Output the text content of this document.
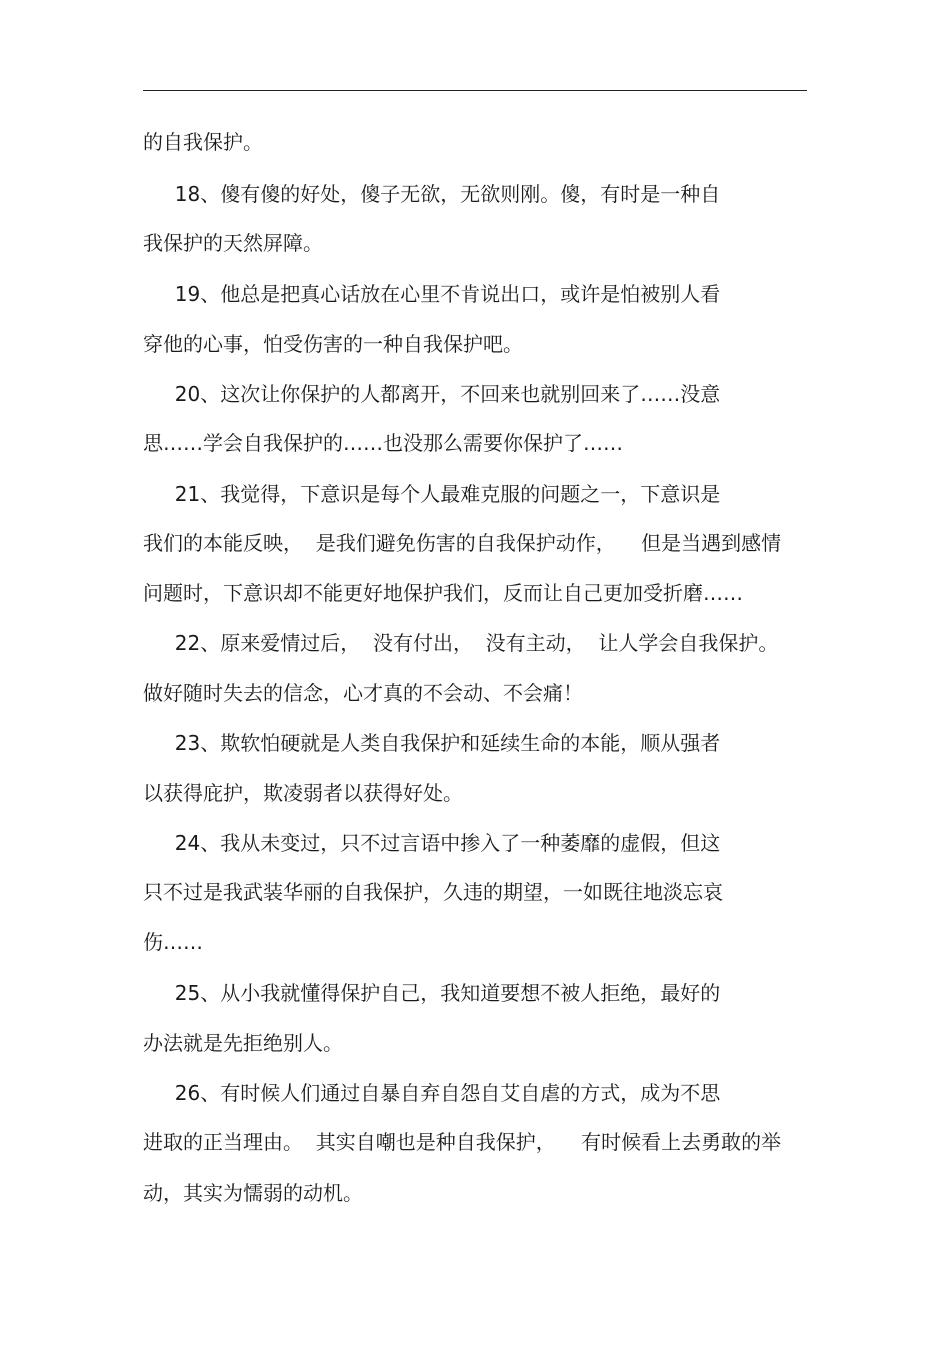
的自我保护。
18、傻有傻的好处，傻子无欲，无欲则刚。傻，有时是一种自
我保护的天然屏障。
19、他总是把真心话放在心里不肯说出口，或许是怕被别人看
穿他的心事，怕受伤害的一种自我保护吧。
20、这次让你保护的人都离开，不回来也就别回来了……没意
思……学会自我保护的……也没那么需要你保护了……
21、我觉得，下意识是每个人最难克服的问题之一，下意识是
我们的本能反映，  是我们避免伤害的自我保护动作，    但是当遇到感情
问题时，下意识却不能更好地保护我们，反而让自己更加受折磨……
22、原来爱情过后，  没有付出，  没有主动，  让人学会自我保护。
做好随时失去的信念，心才真的不会动、不会痛！
23、欺软怕硬就是人类自我保护和延续生命的本能，顺从强者
以获得庇护，欺凌弱者以获得好处。
24、我从未变过，只不过言语中掺入了一种萎靡的虚假，但这
只不过是我武装华丽的自我保护，久违的期望，一如既往地淡忘哀
伤……
25、从小我就懂得保护自己，我知道要想不被人拒绝，最好的
办法就是先拒绝别人。
26、有时候人们通过自暴自弃自怨自艾自虐的方式，成为不思
进取的正当理由。  其实自嘲也是种自我保护，    有时候看上去勇敢的举
动，其实为懦弱的动机。
